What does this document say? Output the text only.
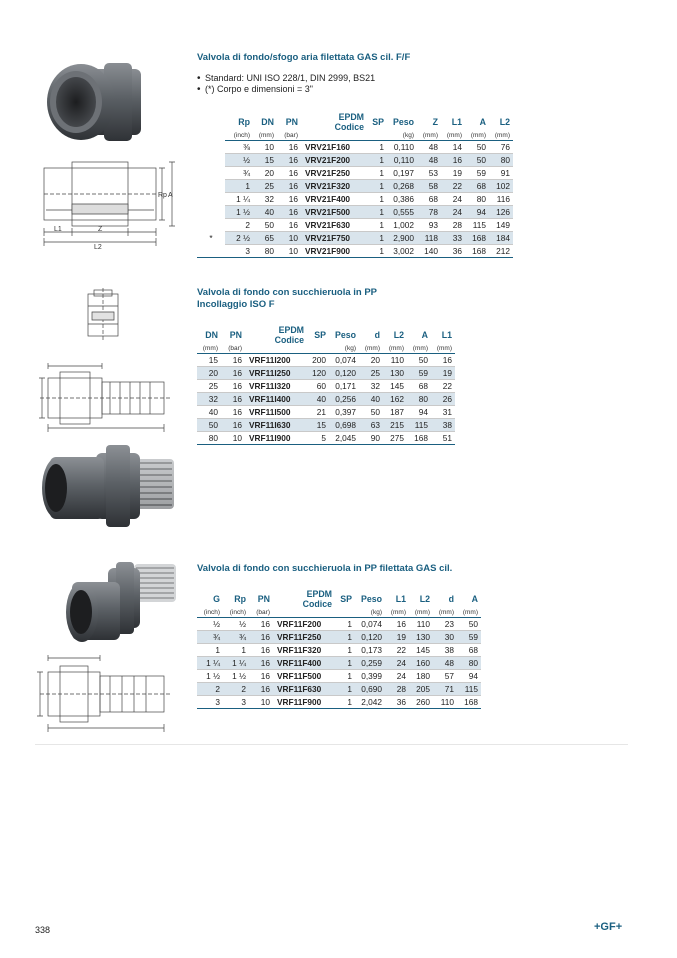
L1	Z
L2
Rp A
Valvola di fondo/sfogo aria filettata GAS cil. F/F
• Standard: UNI ISO 228/1, DIN 2999, BS21
• (*) Corpo e dimensioni = 3"
	Rp	DN	PN	EPDM
Codice	SP	Peso	Z	L1	A	L2
	(inch)	(mm)	(bar)			(kg)	(mm)	(mm)	(mm)	(mm)
	⅜	10	16	VRV21F160	1	0,110	48	14	50	76
	½	15	16	VRV21F200	1	0,110	48	16	50	80
	¾	20	16	VRV21F250	1	0,197	53	19	59	91
	1	25	16	VRV21F320	1	0,268	58	22	68	102
	1 ¼	32	16	VRV21F400	1	0,386	68	24	80	116
	1 ½	40	16	VRV21F500	1	0,555	78	24	94	126
	2	50	16	VRV21F630	1	1,002	93	28	115	149
*	2 ½	65	10	VRV21F750	1	2,900	118	33	168	184
	3	80	10	VRV21F900	1	3,002	140	36	168	212
Valvola di fondo con succhieruola in PP
Incollaggio ISO F
DN	PN	EPDM
Codice	SP	Peso	d	L2	A	L1
(mm)	(bar)			(kg)	(mm)	(mm)	(mm)	(mm)
15	16	VRF11I200	200	0,074	20	110	50	16
20	16	VRF11I250	120	0,120	25	130	59	19
25	16	VRF11I320	60	0,171	32	145	68	22
32	16	VRF11I400	40	0,256	40	162	80	26
40	16	VRF11I500	21	0,397	50	187	94	31
50	16	VRF11I630	15	0,698	63	215	115	38
80	10	VRF11I900	5	2,045	90	275	168	51
Valvola di fondo con succhieruola in PP filettata GAS cil.
G	Rp	PN	EPDM
Codice	SP	Peso	L1	L2	d	A
(inch)	(inch)	(bar)			(kg)	(mm)	(mm)	(mm)	(mm)
½	½	16	VRF11F200	1	0,074	16	110	23	50
¾	¾	16	VRF11F250	1	0,120	19	130	30	59
1	1	16	VRF11F320	1	0,173	22	145	38	68
1 ¼	1 ¼	16	VRF11F400	1	0,259	24	160	48	80
1 ½	1 ½	16	VRF11F500	1	0,399	24	180	57	94
2	2	16	VRF11F630	1	0,690	28	205	71	115
3	3	10	VRF11F900	1	2,042	36	260	110	168
338	+GF+
